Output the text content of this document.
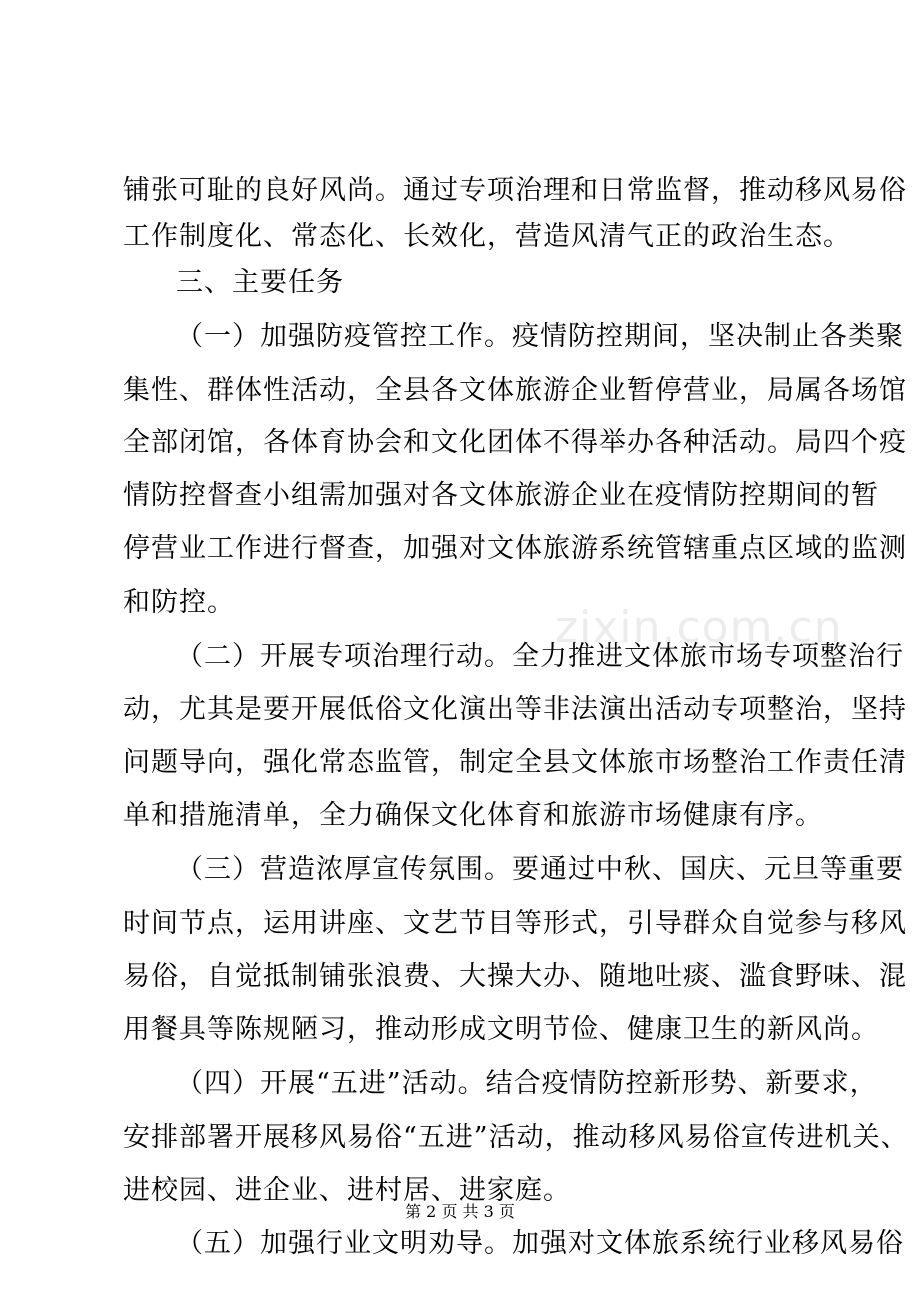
铺张可耻的良好风尚。通过专项治理和日常监督，推动移风易俗
工作制度化、常态化、长效化，营造风清气正的政治生态。
三、主要任务
（一）加强防疫管控工作。疫情防控期间，坚决制止各类聚
集性、群体性活动，全县各文体旅游企业暂停营业，局属各场馆
全部闭馆，各体育协会和文化团体不得举办各种活动。局四个疫
情防控督查小组需加强对各文体旅游企业在疫情防控期间的暂
停营业工作进行督查，加强对文体旅游系统管辖重点区域的监测
和防控。
（二）开展专项治理行动。全力推进文体旅市场专项整治行
动，尤其是要开展低俗文化演出等非法演出活动专项整治，坚持
问题导向，强化常态监管，制定全县文体旅市场整治工作责任清
单和措施清单，全力确保文化体育和旅游市场健康有序。
（三）营造浓厚宣传氛围。要通过中秋、国庆、元旦等重要
时间节点，运用讲座、文艺节目等形式，引导群众自觉参与移风
易俗，自觉抵制铺张浪费、大操大办、随地吐痰、滥食野味、混
用餐具等陈规陋习，推动形成文明节俭、健康卫生的新风尚。
（四）开展“五进”活动。结合疫情防控新形势、新要求，
安排部署开展移风易俗“五进”活动，推动移风易俗宣传进机关、
进校园、进企业、进村居、进家庭。
（五）加强行业文明劝导。加强对文体旅系统行业移风易俗
zixin.com.cn
第 2 页 共 3 页
